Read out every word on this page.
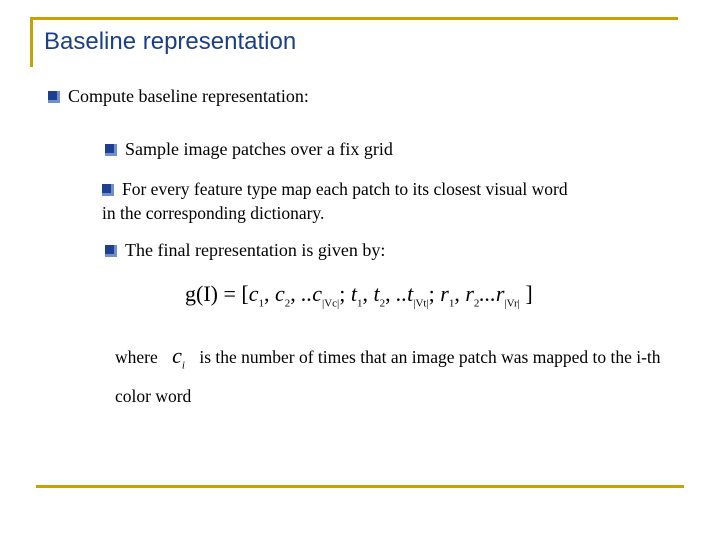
Baseline representation
Compute baseline representation:
Sample image patches over a fix grid
For every feature type map each patch to its closest visual word
in the corresponding dictionary.
The final representation is given by:
$g(I) = [c_1$, $c_2$, $..c_{|Vc|}$; $t_1$, $t_2$, $..t_{|Vt|}$; $r_1$, $r_2...r_{|Vr|}$ ]
where $c_i$ is the number of times that an image patch was mapped to the i-th color word
